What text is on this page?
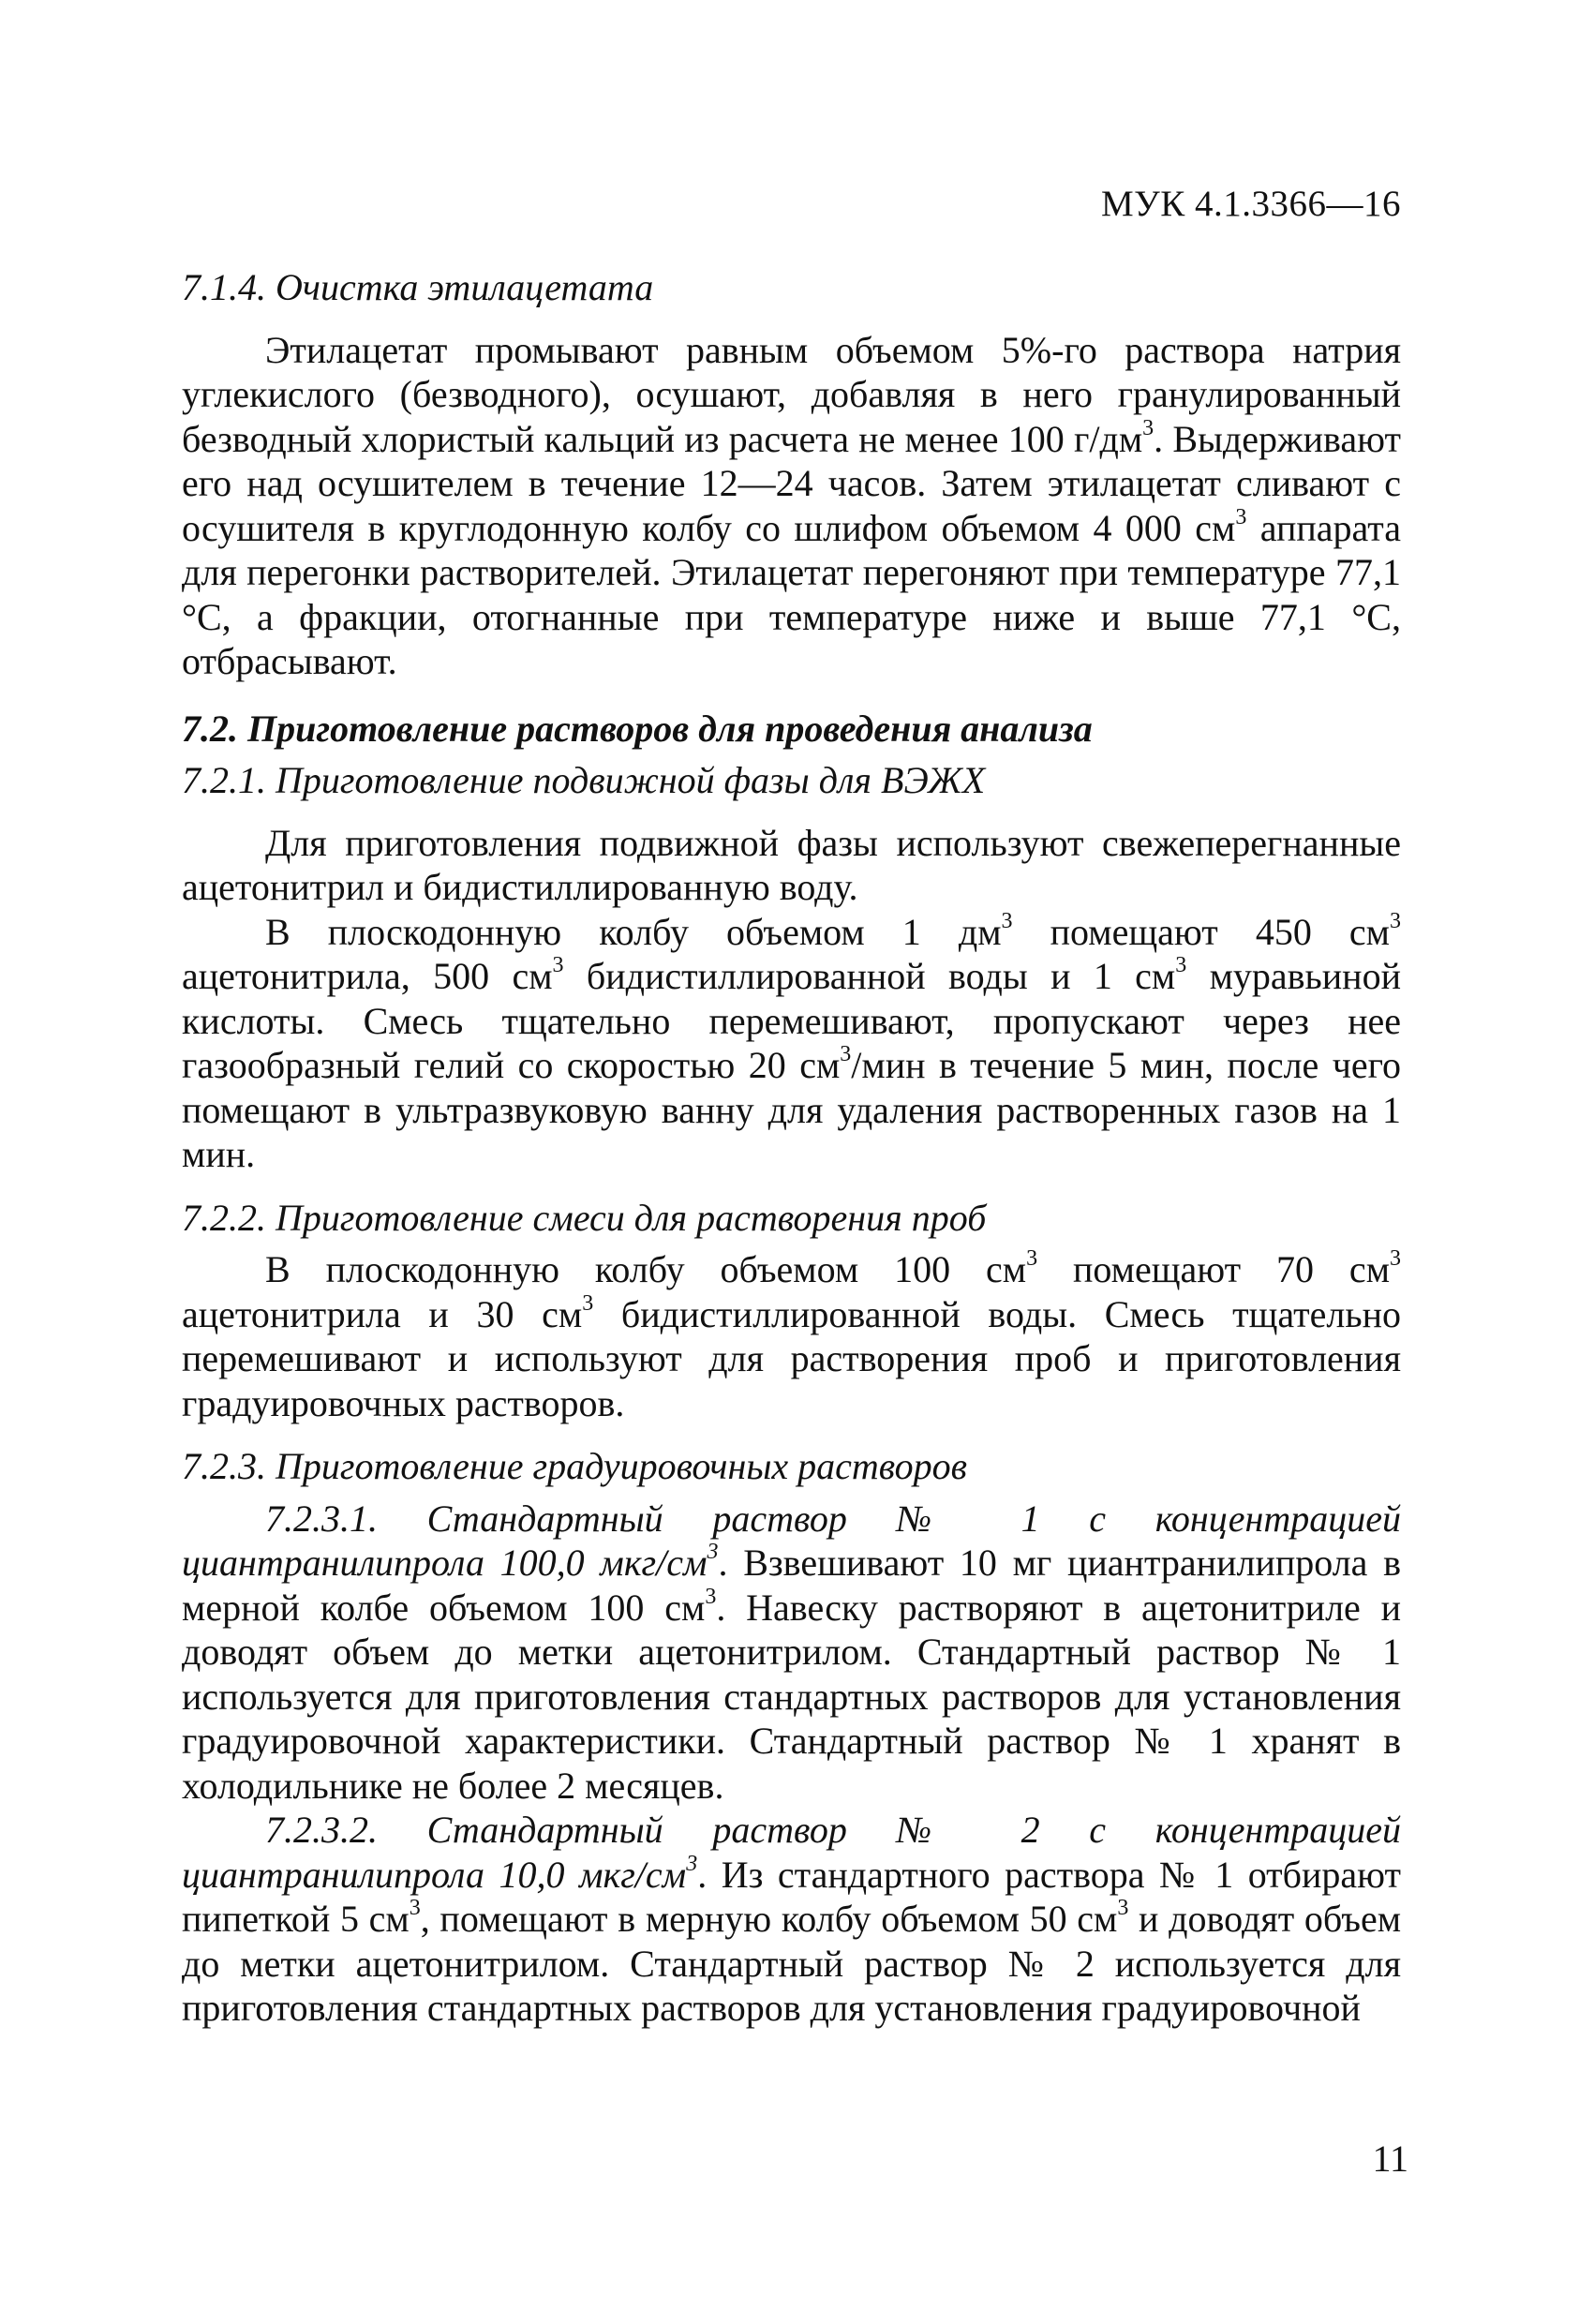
МУК 4.1.3366—16

7.1.4. Очистка этилацетата

Этилацетат промывают равным объемом 5%-го раствора натрия углекислого (безводного), осушают, добавляя в него гранулированный безводный хлористый кальций из расчета не менее 100 $г/дм^3$. Выдерживают его над осушителем в течение 12—24 часов. Затем этилацетат сливают с осушителя в круглодонную колбу со шлифом объемом 4 000 $см^3$ аппарата для перегонки растворителей. Этилацетат перегоняют при температуре 77,1 °С, а фракции, отогнанные при температуре ниже и выше 77,1 °С, отбрасывают.

7.2. Приготовление растворов для проведения анализа

7.2.1. Приготовление подвижной фазы для ВЭЖХ

Для приготовления подвижной фазы используют свежеперегнанные ацетонитрил и бидистиллированную воду.

В плоскодонную колбу объемом 1 $дм^3$ помещают 450 $см^3$ ацетонитрила, 500 $см^3$ бидистиллированной воды и 1 $см^3$ муравьиной кислоты. Смесь тщательно перемешивают, пропускают через нее газообразный гелий со скоростью 20 $см^3$/мин в течение 5 мин, после чего помещают в ультразвуковую ванну для удаления растворенных газов на 1 мин.

7.2.2. Приготовление смеси для растворения проб

В плоскодонную колбу объемом 100 $см^3$ помещают 70 $см^3$ ацетонитрила и 30 $см^3$ бидистиллированной воды. Смесь тщательно перемешивают и используют для растворения проб и приготовления градуировочных растворов.

7.2.3. Приготовление градуировочных растворов

7.2.3.1. Стандартный раствор № 1 с концентрацией циантранилипрола 100,0 мкг/$см^3$. Взвешивают 10 мг циантранилипрола в мерной колбе объемом 100 $см^3$. Навеску растворяют в ацетонитриле и доводят объем до метки ацетонитрилом. Стандартный раствор № 1 используется для приготовления стандартных растворов для установления градуировочной характеристики. Стандартный раствор № 1 хранят в холодильнике не более 2 месяцев.

7.2.3.2. Стандартный раствор № 2 с концентрацией циантранилипрола 10,0 мкг/$см^3$. Из стандартного раствора № 1 отбирают пипеткой 5 $см^3$, помещают в мерную колбу объемом 50 $см^3$ и доводят объем до метки ацетонитрилом. Стандартный раствор № 2 используется для приготовления стандартных растворов для установления градуировочной

11
